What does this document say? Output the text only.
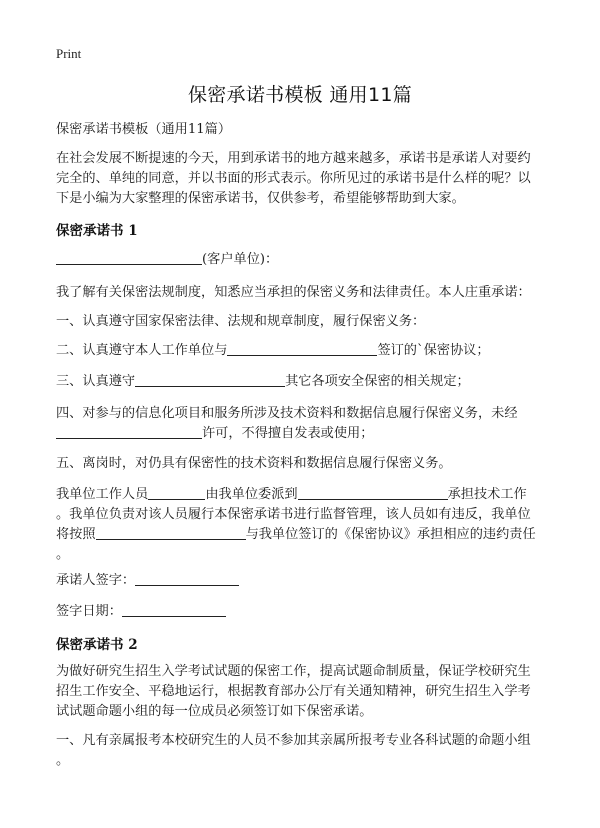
Print
保密承诺书模板 通用11篇
保密承诺书模板（通用11篇）
在社会发展不断提速的今天，用到承诺书的地方越来越多，承诺书是承诺人对要约
完全的、单纯的同意，并以书面的形式表示。你所见过的承诺书是什么样的呢？以
下是小编为大家整理的保密承诺书，仅供参考，希望能够帮助到大家。
保密承诺书 1
(客户单位)：
我了解有关保密法规制度，知悉应当承担的保密义务和法律责任。本人庄重承诺：
一、认真遵守国家保密法律、法规和规章制度，履行保密义务：
二、认真遵守本人工作单位与	签订的`保密协议；
三、认真遵守	其它各项安全保密的相关规定；
四、对参与的信息化项目和服务所涉及技术资料和数据信息履行保密义务，未经
许可，不得擅自发表或使用；
五、离岗时，对仍具有保密性的技术资料和数据信息履行保密义务。
我单位工作人员	由我单位委派到	承担技术工作
。我单位负责对该人员履行本保密承诺书进行监督管理，该人员如有违反，我单位
将按照	与我单位签订的《保密协议》承担相应的违约责任
。
承诺人签字：
签字日期：
保密承诺书 2
为做好研究生招生入学考试试题的保密工作，提高试题命制质量，保证学校研究生
招生工作安全、平稳地运行，根据教育部办公厅有关通知精神，研究生招生入学考
试试题命题小组的每一位成员必须签订如下保密承诺。
一、凡有亲属报考本校研究生的人员不参加其亲属所报考专业各科试题的命题小组
。
